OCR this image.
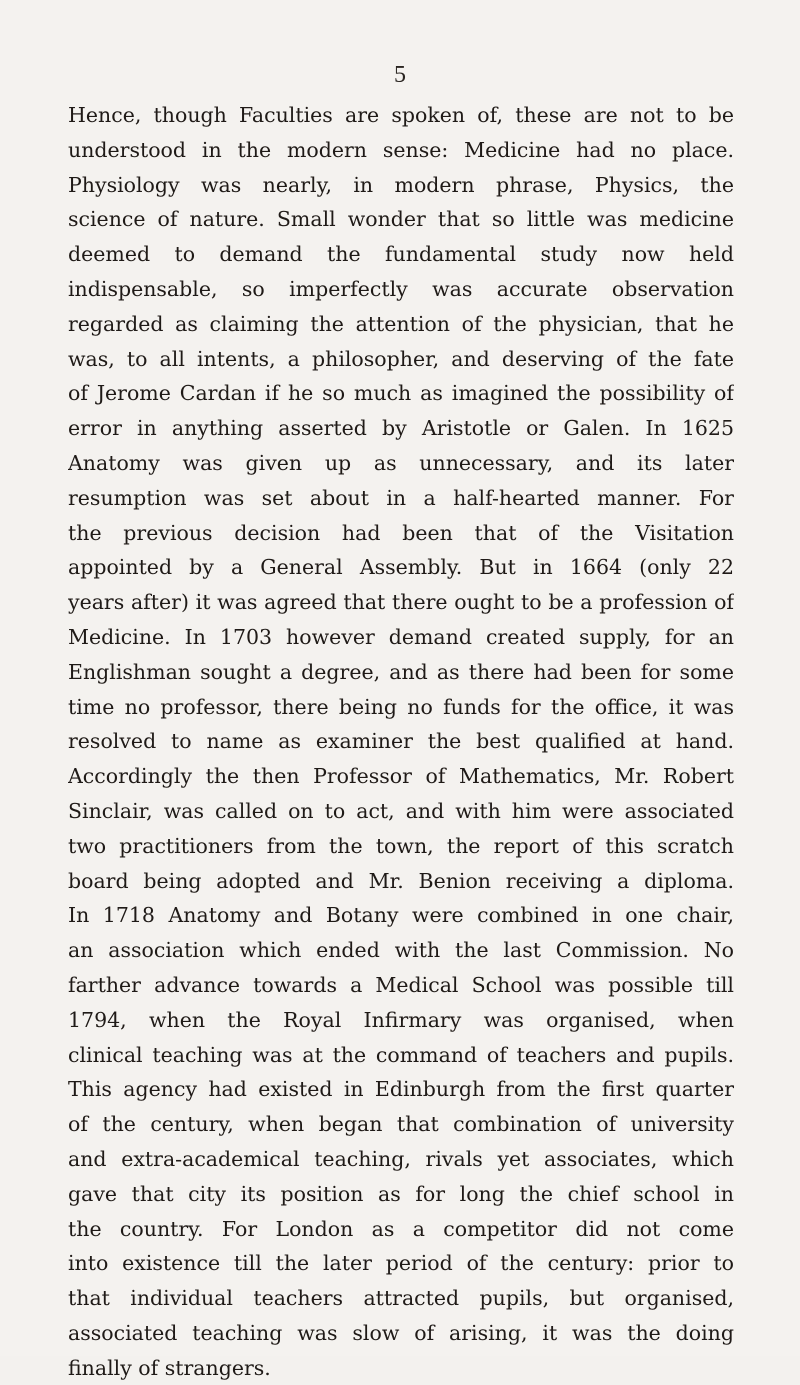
5
Hence, though Faculties are spoken of, these are not to be
understood in the modern sense: Medicine had no place.
Physiology was nearly, in modern phrase, Physics, the
science of nature. Small wonder that so little was medicine
deemed to demand the fundamental study now held
indispensable, so imperfectly was accurate observation
regarded as claiming the attention of the physician, that he
was, to all intents, a philosopher, and deserving of the fate
of Jerome Cardan if he so much as imagined the possibility of
error in anything asserted by Aristotle or Galen. In 1625
Anatomy was given up as unnecessary, and its later
resumption was set about in a half-hearted manner. For
the previous decision had been that of the Visitation
appointed by a General Assembly. But in 1664 (only 22
years after) it was agreed that there ought to be a profession of
Medicine. In 1703 however demand created supply, for an
Englishman sought a degree, and as there had been for some
time no professor, there being no funds for the office, it was
resolved to name as examiner the best qualified at hand.
Accordingly the then Professor of Mathematics, Mr. Robert
Sinclair, was called on to act, and with him were associated
two practitioners from the town, the report of this scratch
board being adopted and Mr. Benion receiving a diploma.
In 1718 Anatomy and Botany were combined in one chair,
an association which ended with the last Commission. No
farther advance towards a Medical School was possible till
1794, when the Royal Infirmary was organised, when
clinical teaching was at the command of teachers and pupils.
This agency had existed in Edinburgh from the first quarter
of the century, when began that combination of university
and extra-academical teaching, rivals yet associates, which
gave that city its position as for long the chief school in
the country. For London as a competitor did not come
into existence till the later period of the century: prior to
that individual teachers attracted pupils, but organised,
associated teaching was slow of arising, it was the doing
finally of strangers.
